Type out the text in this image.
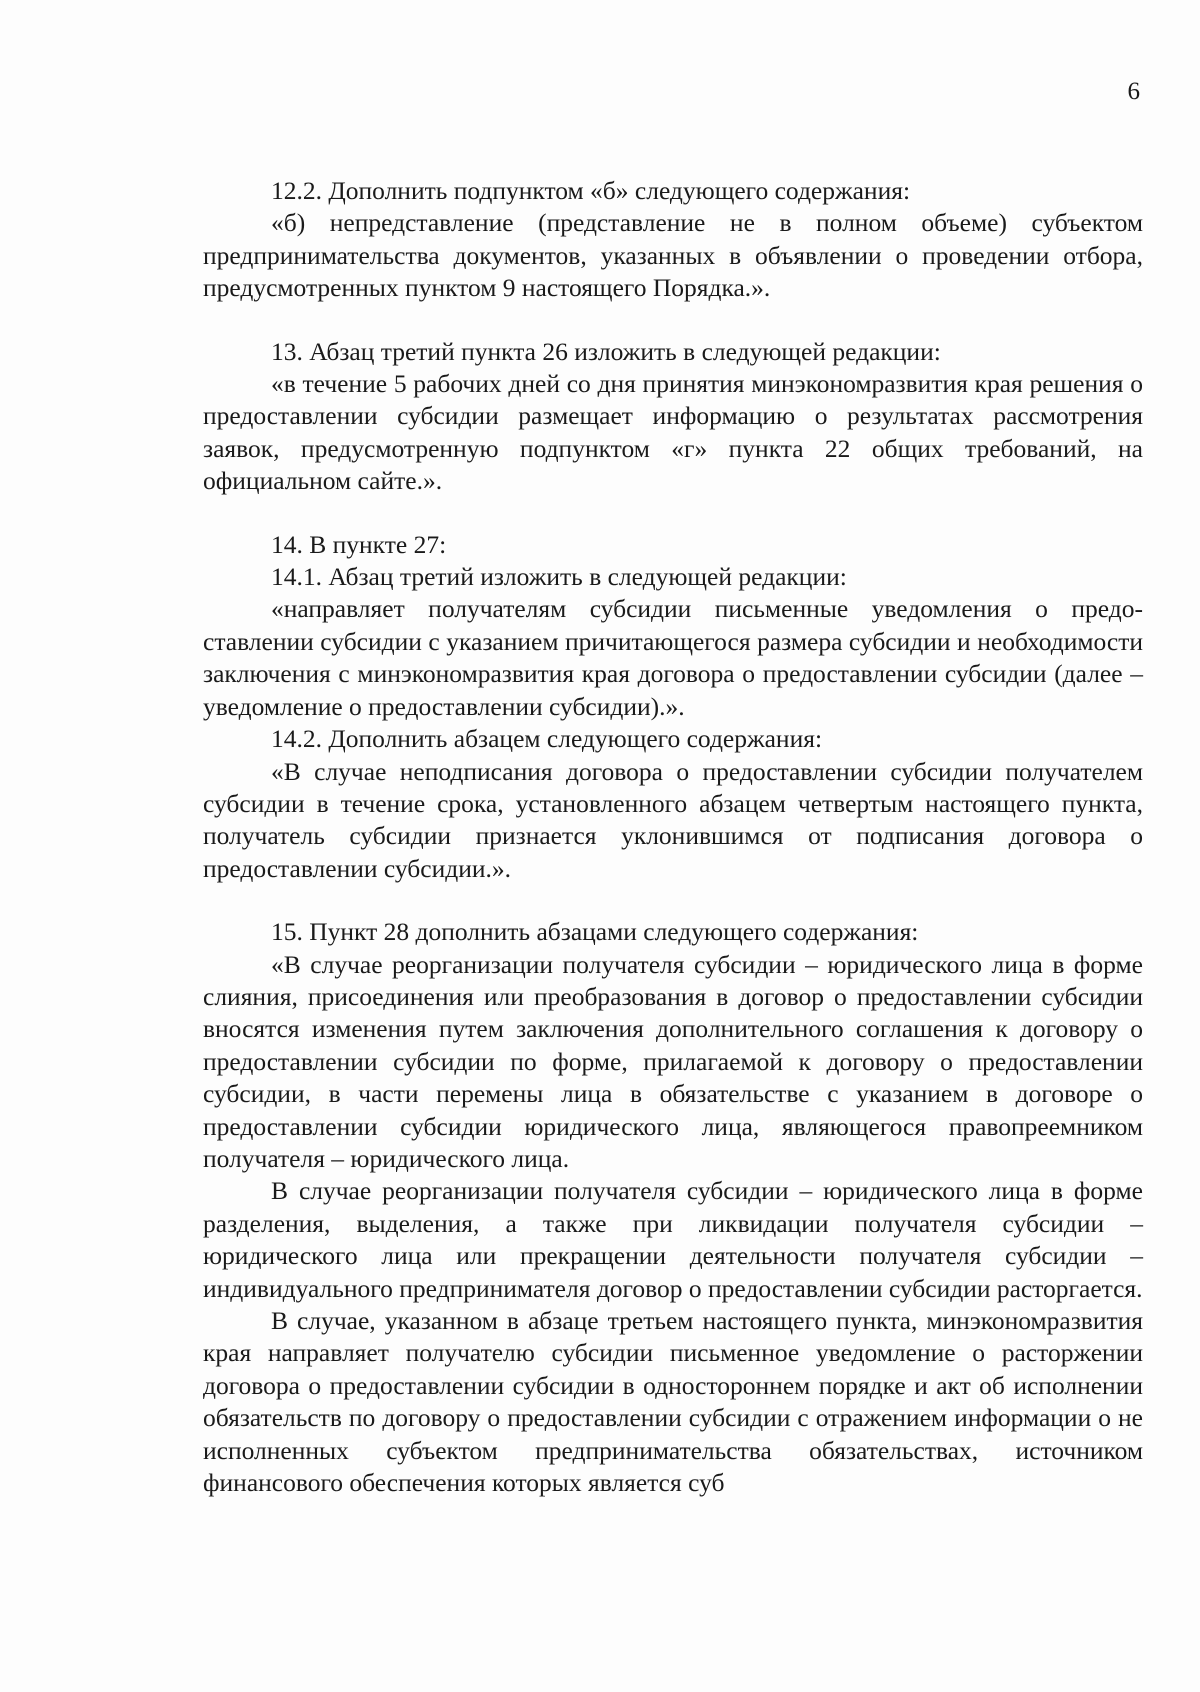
6

12.2. Дополнить подпунктом «б» следующего содержания:

«б) непредставление (представление не в полном объеме) субъектом предпринимательства документов, указанных в объявлении о проведении отбора, предусмотренных пунктом 9 настоящего Порядка.».

13. Абзац третий пункта 26 изложить в следующей редакции:

«в течение 5 рабочих дней со дня принятия минэкономразвития края решения о предоставлении субсидии размещает информацию о результатах рассмотрения заявок, предусмотренную подпунктом «г» пункта 22 общих требований, на официальном сайте.».

14. В пункте 27:

14.1. Абзац третий изложить в следующей редакции:

«направляет получателям субсидии письменные уведомления о предоставлении субсидии с указанием причитающегося размера субсидии и необходимости заключения с минэкономразвития края договора о предоставлении субсидии (далее – уведомление о предоставлении субсидии).».

14.2. Дополнить абзацем следующего содержания:

«В случае неподписания договора о предоставлении субсидии получателем субсидии в течение срока, установленного абзацем четвертым настоящего пункта, получатель субсидии признается уклонившимся от подписания договора о предоставлении субсидии.».

15. Пункт 28 дополнить абзацами следующего содержания:

«В случае реорганизации получателя субсидии – юридического лица в форме слияния, присоединения или преобразования в договор о предоставлении субсидии вносятся изменения путем заключения дополнительного соглашения к договору о предоставлении субсидии по форме, прилагаемой к договору о предоставлении субсидии, в части перемены лица в обязательстве с указанием в договоре о предоставлении субсидии юридического лица, являющегося правопреемником получателя – юридического лица.

В случае реорганизации получателя субсидии – юридического лица в форме разделения, выделения, а также при ликвидации получателя субсидии – юридического лица или прекращении деятельности получателя субсидии – индивидуального предпринимателя договор о предоставлении субсидии расторгается.

В случае, указанном в абзаце третьем настоящего пункта, минэкономразвития края направляет получателю субсидии письменное уведомление о расторжении договора о предоставлении субсидии в одностороннем порядке и акт об исполнении обязательств по договору о предоставлении субсидии с отражением информации о не исполненных субъектом предпринимательства обязательствах, источником финансового обеспечения которых является суб
